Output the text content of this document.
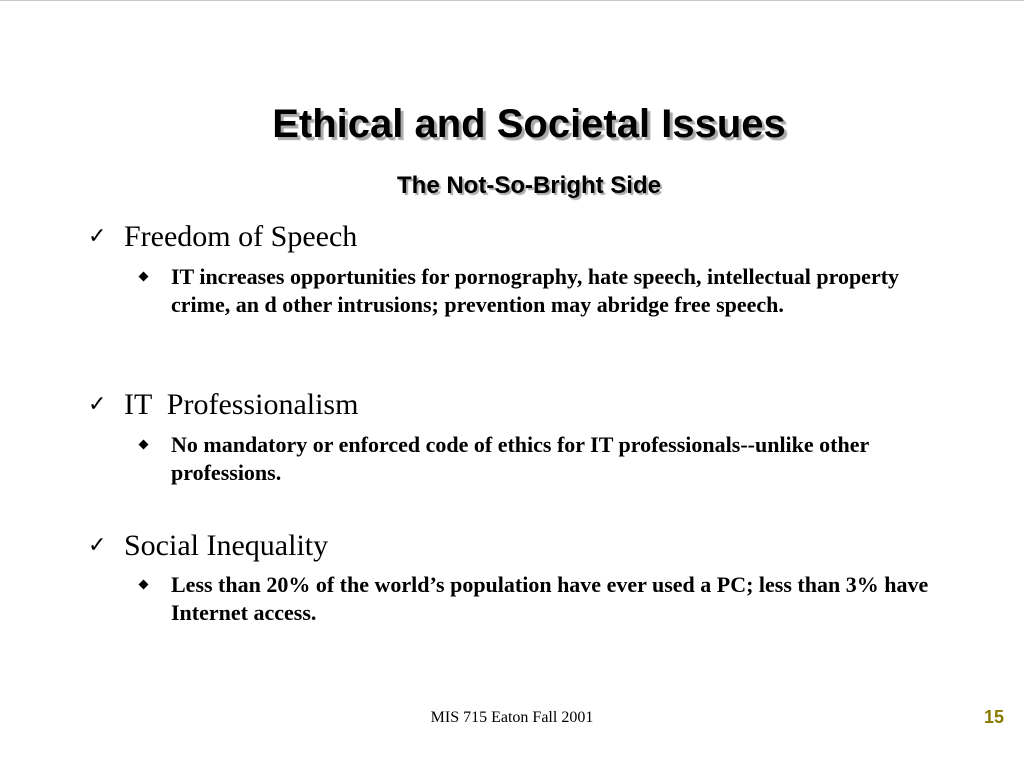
Ethical and Societal Issues
The Not-So-Bright Side
✓ Freedom of Speech
IT increases opportunities for pornography, hate speech, intellectual property crime, an d other intrusions; prevention may abridge free speech.
✓ IT  Professionalism
No mandatory or enforced code of ethics for IT professionals--unlike other professions.
✓ Social Inequality
Less than 20% of the world’s population have ever used a PC; less than 3% have Internet access.
MIS 715 Eaton Fall 2001	15
